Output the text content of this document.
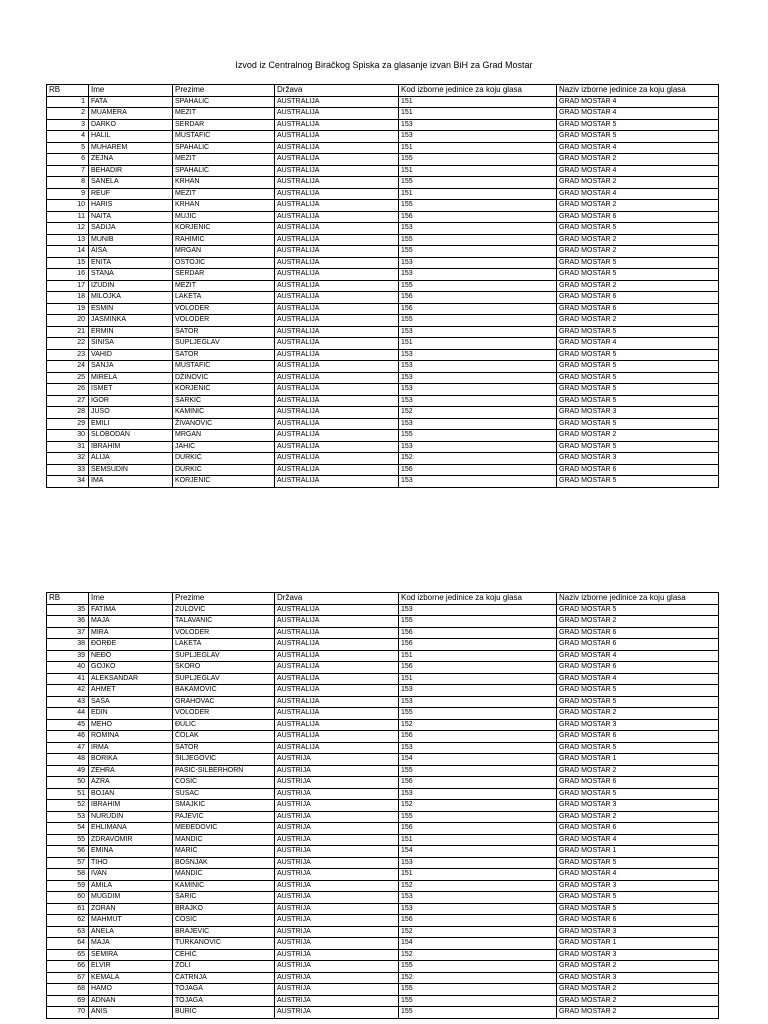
Izvod iz Centralnog Biračkog Spiska za glasanje izvan BiH za Grad Mostar
RB	Ime	Prezime	Država	Kod izborne jedinice za koju glasa	Naziv izborne jedinice za koju glasa
1	FATA	SPAHALIĆ	AUSTRALIJA	151	GRAD MOSTAR 4
2	MUAMERA	MEZIT	AUSTRALIJA	151	GRAD MOSTAR 4
3	DARKO	SERDAR	AUSTRALIJA	153	GRAD MOSTAR 5
4	HALIL	MUSTAFIĆ	AUSTRALIJA	153	GRAD MOSTAR 5
5	MUHAREM	SPAHALIĆ	AUSTRALIJA	151	GRAD MOSTAR 4
6	ZEJNA	MEZIT	AUSTRALIJA	155	GRAD MOSTAR 2
7	BEHADIR	SPAHALIĆ	AUSTRALIJA	151	GRAD MOSTAR 4
8	SANELA	KRHAN	AUSTRALIJA	155	GRAD MOSTAR 2
9	REUF	MEZIT	AUSTRALIJA	151	GRAD MOSTAR 4
10	HARIS	KRHAN	AUSTRALIJA	155	GRAD MOSTAR 2
11	NAITA	MUJIĆ	AUSTRALIJA	156	GRAD MOSTAR 6
12	SADIJA	KORJENIĆ	AUSTRALIJA	153	GRAD MOSTAR 5
13	MUNIB	RAHIMIĆ	AUSTRALIJA	155	GRAD MOSTAR 2
14	AIŠA	MRGAN	AUSTRALIJA	155	GRAD MOSTAR 2
15	ENITA	OSTOJIĆ	AUSTRALIJA	153	GRAD MOSTAR 5
16	STANA	SERDAR	AUSTRALIJA	153	GRAD MOSTAR 5
17	IZUDIN	MEZIT	AUSTRALIJA	155	GRAD MOSTAR 2
18	MILOJKA	LAKETA	AUSTRALIJA	156	GRAD MOSTAR 6
19	ESMIN	VOLODER	AUSTRALIJA	156	GRAD MOSTAR 6
20	JASMINKA	VOLODER	AUSTRALIJA	155	GRAD MOSTAR 2
21	ERMIN	ŠATOR	AUSTRALIJA	153	GRAD MOSTAR 5
22	SINIŠA	ŠUPLJEGLAV	AUSTRALIJA	151	GRAD MOSTAR 4
23	VAHID	ŠATOR	AUSTRALIJA	153	GRAD MOSTAR 5
24	SANJA	MUSTAFIĆ	AUSTRALIJA	153	GRAD MOSTAR 5
25	MIRELA	DŽINOVIĆ	AUSTRALIJA	153	GRAD MOSTAR 5
26	ISMET	KORJENIĆ	AUSTRALIJA	153	GRAD MOSTAR 5
27	IGOR	ŠARKIĆ	AUSTRALIJA	153	GRAD MOSTAR 5
28	JUSO	KAMINIĆ	AUSTRALIJA	152	GRAD MOSTAR 3
29	EMILI	ŽIVANOVIĆ	AUSTRALIJA	153	GRAD MOSTAR 5
30	SLOBODAN	MRGAN	AUSTRALIJA	155	GRAD MOSTAR 2
31	IBRAHIM	JAHIĆ	AUSTRALIJA	153	GRAD MOSTAR 5
32	ALIJA	DURKIĆ	AUSTRALIJA	152	GRAD MOSTAR 3
33	ŠEMSUDIN	DURKIĆ	AUSTRALIJA	156	GRAD MOSTAR 6
34	IMA	KORJENIĆ	AUSTRALIJA	153	GRAD MOSTAR 5
RB	Ime	Prezime	Država	Kod izborne jedinice za koju glasa	Naziv izborne jedinice za koju glasa
35	FATIMA	ZULOVIĆ	AUSTRALIJA	153	GRAD MOSTAR 5
36	MAJA	TALAVANIĆ	AUSTRALIJA	155	GRAD MOSTAR 2
37	MIRA	VOLODER	AUSTRALIJA	156	GRAD MOSTAR 6
38	ĐORĐE	LAKETA	AUSTRALIJA	156	GRAD MOSTAR 6
39	NEĐO	ŠUPLJEGLAV	AUSTRALIJA	151	GRAD MOSTAR 4
40	GOJKO	ŠKORO	AUSTRALIJA	156	GRAD MOSTAR 6
41	ALEKSANDAR	ŠUPLJEGLAV	AUSTRALIJA	151	GRAD MOSTAR 4
42	AHMET	BAKAMOVIĆ	AUSTRALIJA	153	GRAD MOSTAR 5
43	SAŠA	GRAHOVAC	AUSTRALIJA	153	GRAD MOSTAR 5
44	EDIN	VOLODER	AUSTRALIJA	155	GRAD MOSTAR 2
45	MEHO	ĐULIĆ	AUSTRALIJA	152	GRAD MOSTAR 3
46	ROMINA	ČOLAK	AUSTRALIJA	156	GRAD MOSTAR 6
47	IRMA	ŠATOR	AUSTRALIJA	153	GRAD MOSTAR 5
48	BORIKA	ŠILJEGOVIĆ	AUSTRIJA	154	GRAD MOSTAR 1
49	ZEHRA	PAŠIĆ-SILBERHORN	AUSTRIJA	155	GRAD MOSTAR 2
50	AZRA	ĆOSIĆ	AUSTRIJA	156	GRAD MOSTAR 6
51	BOJAN	SUŠAC	AUSTRIJA	153	GRAD MOSTAR 5
52	IBRAHIM	SMAJKIĆ	AUSTRIJA	152	GRAD MOSTAR 3
53	NURUDIN	PAJEVIĆ	AUSTRIJA	155	GRAD MOSTAR 2
54	EHLIMANA	MEĐEDOVIĆ	AUSTRIJA	156	GRAD MOSTAR 6
55	ZDRAVOMIR	MANDIĆ	AUSTRIJA	151	GRAD MOSTAR 4
56	EMINA	MARIĆ	AUSTRIJA	154	GRAD MOSTAR 1
57	TIHO	BOŠNJAK	AUSTRIJA	153	GRAD MOSTAR 5
58	IVAN	MANDIĆ	AUSTRIJA	151	GRAD MOSTAR 4
59	AMILA	KAMINIĆ	AUSTRIJA	152	GRAD MOSTAR 3
60	MUGDIM	ŠARIĆ	AUSTRIJA	153	GRAD MOSTAR 5
61	ZORAN	BRAJKO	AUSTRIJA	153	GRAD MOSTAR 5
62	MAHMUT	ĆOSIĆ	AUSTRIJA	156	GRAD MOSTAR 6
63	ANELA	BRAJEVIĆ	AUSTRIJA	152	GRAD MOSTAR 3
64	MAJA	TURKANOVIĆ	AUSTRIJA	154	GRAD MOSTAR 1
65	SEMIRA	ĆEHIĆ	AUSTRIJA	152	GRAD MOSTAR 3
66	ELVIR	ZOLI	AUSTRIJA	155	GRAD MOSTAR 2
67	KEMALA	ČATRNJA	AUSTRIJA	152	GRAD MOSTAR 3
68	HAMO	TOJAGA	AUSTRIJA	155	GRAD MOSTAR 2
69	ADNAN	TOJAGA	AUSTRIJA	155	GRAD MOSTAR 2
70	ANIS	BURIĆ	AUSTRIJA	155	GRAD MOSTAR 2
